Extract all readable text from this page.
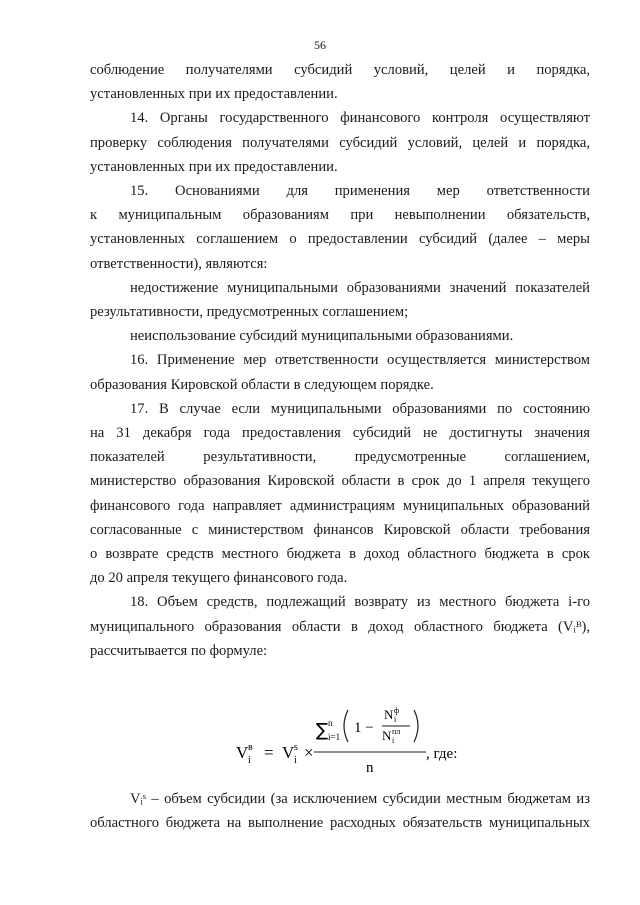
56
соблюдение получателями субсидий условий, целей и порядка,
установленных при их предоставлении.
14. Органы государственного финансового контроля осуществляют
проверку соблюдения получателями субсидий условий, целей и порядка,
установленных при их предоставлении.
15. Основаниями для применения мер ответственности
к муниципальным образованиям при невыполнении обязательств,
установленных соглашением о предоставлении субсидий (далее – меры
ответственности), являются:
недостижение муниципальными образованиями значений показателей
результативности, предусмотренных соглашением;
неиспользование субсидий муниципальными образованиями.
16. Применение мер ответственности осуществляется министерством
образования Кировской области в следующем порядке.
17. В случае если муниципальными образованиями по состоянию
на 31 декабря года предоставления субсидий не достигнуты значения
показателей результативности, предусмотренные соглашением,
министерство образования Кировской области в срок до 1 апреля текущего
финансового года направляет администрациям муниципальных образований
согласованные с министерством финансов Кировской области требования
о возврате средств местного бюджета в доход областного бюджета в срок
до 20 апреля текущего финансового года.
18. Объем средств, подлежащий возврату из местного бюджета i-го
муниципального образования области в доход областного бюджета (Vᵢᴮ),
рассчитывается по формуле:
V в
i = V s
i ×
∑ n
i=1
1 −
N ф
i
N пл
i
n
, где:
Vᵢˢ – объем субсидии (за исключением субсидии местным бюджетам из
областного бюджета на выполнение расходных обязательств муниципальных
